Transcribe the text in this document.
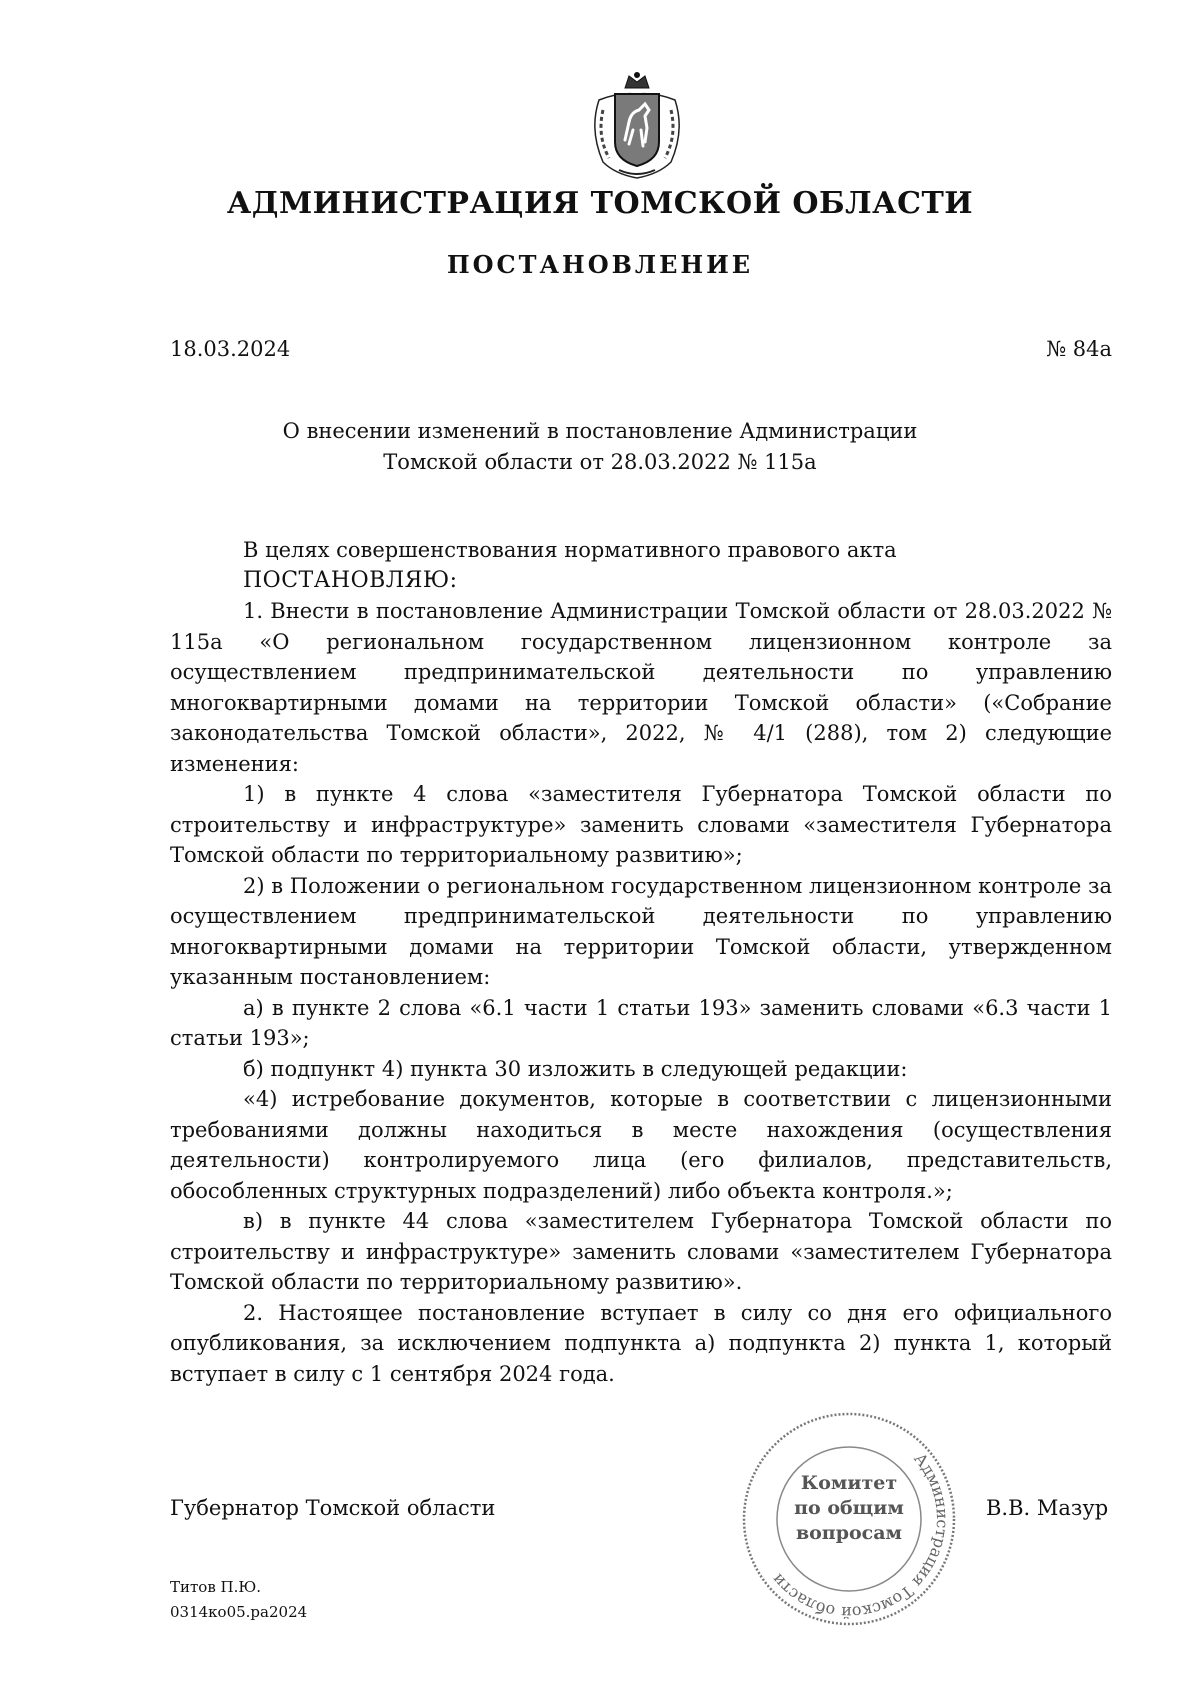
АДМИНИСТРАЦИЯ ТОМСКОЙ ОБЛАСТИ
ПОСТАНОВЛЕНИЕ
18.03.2024	№ 84а
О внесении изменений в постановление Администрации
Томской области от 28.03.2022 № 115а

В целях совершенствования нормативного правового акта

ПОСТАНОВЛЯЮ:

1. Внести в постановление Администрации Томской области от 28.03.2022 № 115а «О региональном государственном лицензионном контроле за осуществлением предпринимательской деятельности по управлению многоквартирными домами на территории Томской области» («Собрание законодательства Томской области», 2022, № 4/1 (288), том 2) следующие изменения:

1) в пункте 4 слова «заместителя Губернатора Томской области по строительству и инфраструктуре» заменить словами «заместителя Губернатора Томской области по территориальному развитию»;

2) в Положении о региональном государственном лицензионном контроле за осуществлением предпринимательской деятельности по управлению многоквартирными домами на территории Томской области, утвержденном указанным постановлением:

а) в пункте 2 слова «6.1 части 1 статьи 193» заменить словами «6.3 части 1 статьи 193»;

б) подпункт 4) пункта 30 изложить в следующей редакции:

«4) истребование документов, которые в соответствии с лицензионными требованиями должны находиться в месте нахождения (осуществления деятельности) контролируемого лица (его филиалов, представительств, обособленных структурных подразделений) либо объекта контроля.»;

в) в пункте 44 слова «заместителем Губернатора Томской области по строительству и инфраструктуре» заменить словами «заместителем Губернатора Томской области по территориальному развитию».

2. Настоящее постановление вступает в силу со дня его официального опубликования, за исключением подпункта а) подпункта 2) пункта 1, который вступает в силу с 1 сентября 2024 года.

Губернатор Томской области
Администрация Томской области
Комитет
по общим
вопросам
В.В. Мазур
Титов П.Ю.
0314ко05.ра2024
